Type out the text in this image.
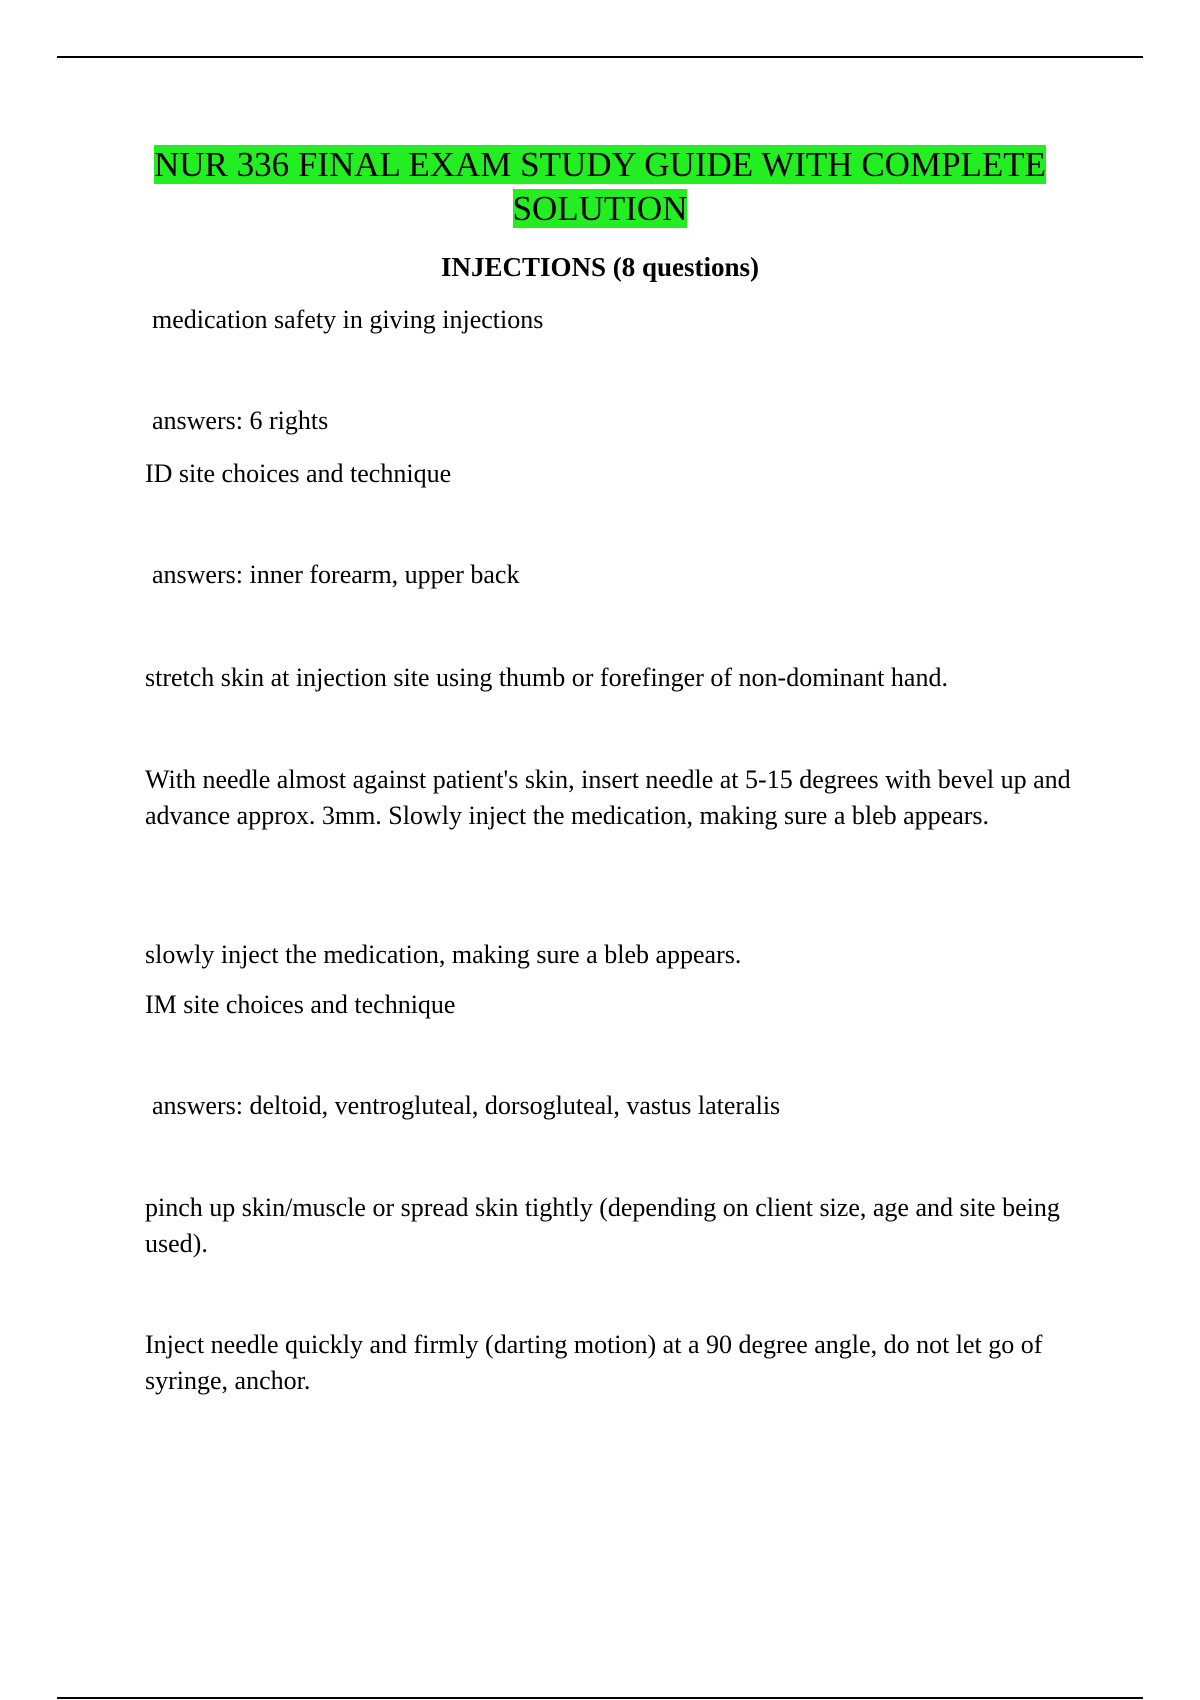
NUR 336 FINAL EXAM STUDY GUIDE WITH COMPLETE SOLUTION
INJECTIONS (8 questions)

medication safety in giving injections

answers: 6 rights

ID site choices and technique

answers: inner forearm, upper back

stretch skin at injection site using thumb or forefinger of non-dominant hand.

With needle almost against patient's skin, insert needle at 5-15 degrees with bevel up and advance approx. 3mm. Slowly inject the medication, making sure a bleb appears.

slowly inject the medication, making sure a bleb appears.

IM site choices and technique

answers: deltoid, ventrogluteal, dorsogluteal, vastus lateralis

pinch up skin/muscle or spread skin tightly (depending on client size, age and site being used).

Inject needle quickly and firmly (darting motion) at a 90 degree angle, do not let go of syringe, anchor.
